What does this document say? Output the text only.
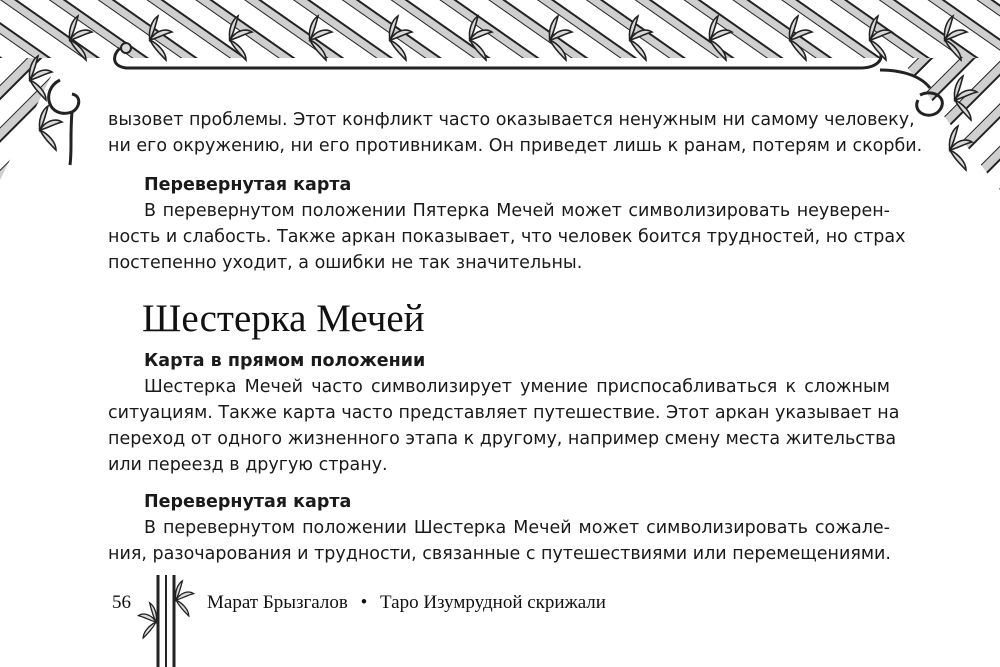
вызовет проблемы. Этот конфликт часто оказывается ненужным ни самому человеку,
ни его окружению, ни его противникам. Он приведет лишь к ранам, потерям и скорби.
Перевернутая карта
В перевернутом положении Пятерка Мечей может символизировать неуверен-
ность и слабость. Также аркан показывает, что человек боится трудностей, но страх
постепенно уходит, а ошибки не так значительны.
Шестерка Мечей
Карта в прямом положении
Шестерка Мечей часто символизирует умение приспосабливаться к сложным
ситуациям. Также карта часто представляет путешествие. Этот аркан указывает на
переход от одного жизненного этапа к другому, например смену места жительства
или переезд в другую страну.
Перевернутая карта
В перевернутом положении Шестерка Мечей может символизировать сожале-
ния, разочарования и трудности, связанные с путешествиями или перемещениями.
56	Марат Брызгалов • Таро Изумрудной скрижали
